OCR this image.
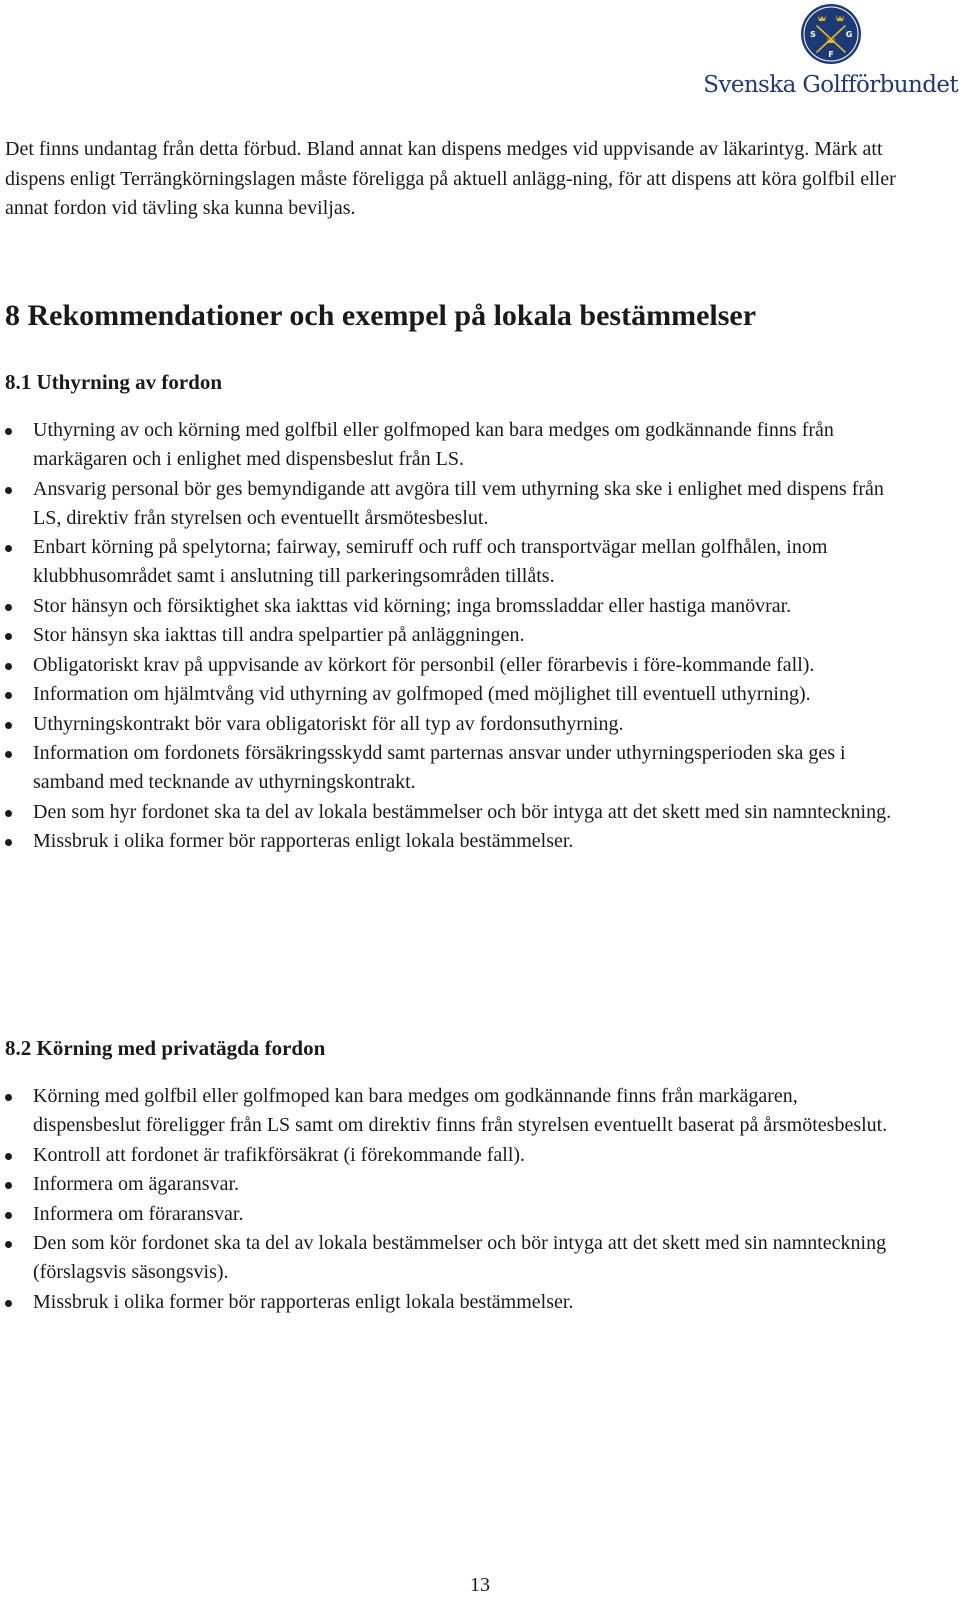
S
F
G
Svenska Golfförbundet

Det finns undantag från detta förbud. Bland annat kan dispens medges vid uppvisande av läkarintyg. Märk att dispens enligt Terrängkörningslagen måste föreligga på aktuell anlägg-ning, för att dispens att köra golfbil eller annat fordon vid tävling ska kunna beviljas.

8 Rekommendationer och exempel på lokala bestämmelser
8.1 Uthyrning av fordon
Uthyrning av och körning med golfbil eller golfmoped kan bara medges om godkännande finns från markägaren och i enlighet med dispensbeslut från LS.
Ansvarig personal bör ges bemyndigande att avgöra till vem uthyrning ska ske i enlighet med dispens från LS, direktiv från styrelsen och eventuellt årsmötesbeslut.
Enbart körning på spelytorna; fairway, semiruff och ruff och transportvägar mellan golfhålen, inom klubbhusområdet samt i anslutning till parkeringsområden tillåts.
Stor hänsyn och försiktighet ska iakttas vid körning; inga bromssladdar eller hastiga manövrar.
Stor hänsyn ska iakttas till andra spelpartier på anläggningen.
Obligatoriskt krav på uppvisande av körkort för personbil (eller förarbevis i före-kommande fall).
Information om hjälmtvång vid uthyrning av golfmoped (med möjlighet till eventuell uthyrning).
Uthyrningskontrakt bör vara obligatoriskt för all typ av fordonsuthyrning.
Information om fordonets försäkringsskydd samt parternas ansvar under uthyrningsperioden ska ges i samband med tecknande av uthyrningskontrakt.
Den som hyr fordonet ska ta del av lokala bestämmelser och bör intyga att det skett med sin namnteckning.
Missbruk i olika former bör rapporteras enligt lokala bestämmelser.
8.2 Körning med privatägda fordon
Körning med golfbil eller golfmoped kan bara medges om godkännande finns från markägaren, dispensbeslut föreligger från LS samt om direktiv finns från styrelsen eventuellt baserat på årsmötesbeslut.
Kontroll att fordonet är trafikförsäkrat (i förekommande fall).
Informera om ägaransvar.
Informera om föraransvar.
Den som kör fordonet ska ta del av lokala bestämmelser och bör intyga att det skett med sin namnteckning (förslagsvis säsongsvis).
Missbruk i olika former bör rapporteras enligt lokala bestämmelser.
13
